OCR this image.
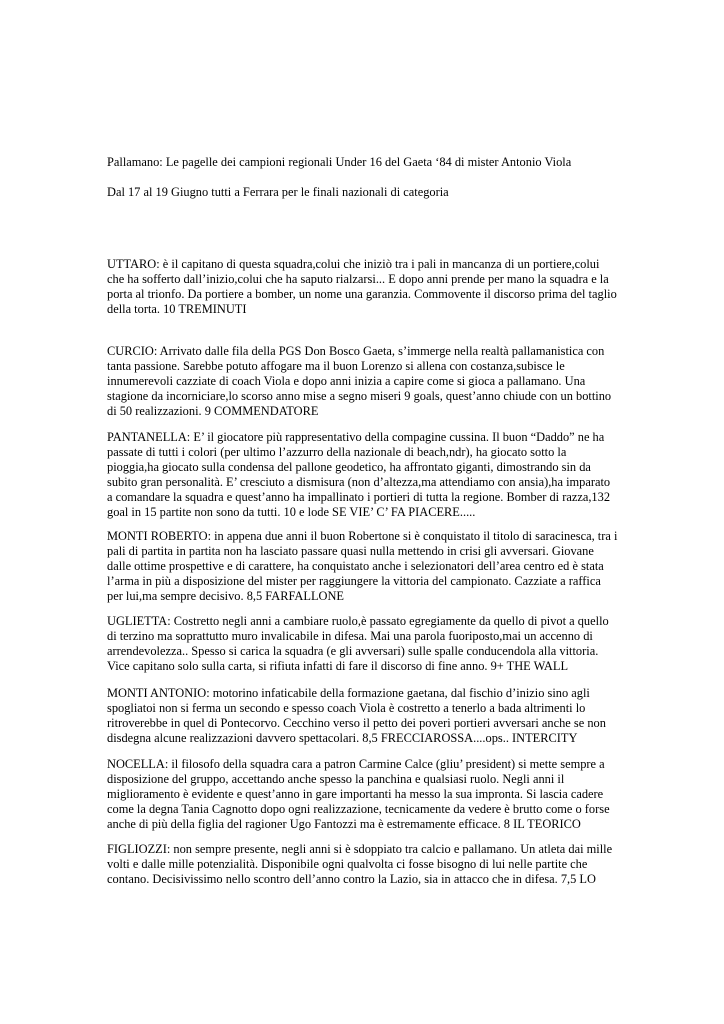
Pallamano: Le pagelle dei campioni regionali Under 16 del Gaeta ‘84 di mister Antonio Viola
Dal 17 al 19 Giugno tutti a Ferrara per le finali nazionali di categoria
UTTARO: è il capitano di questa squadra,colui che iniziò tra i pali in mancanza di un portiere,colui
che ha sofferto dall’inizio,colui che ha saputo rialzarsi... E dopo anni prende per mano la squadra e la
porta al trionfo. Da portiere a bomber, un nome una garanzia. Commovente il discorso prima del taglio
della torta. 10 TREMINUTI
CURCIO: Arrivato dalle fila della PGS Don Bosco Gaeta, s’immerge nella realtà pallamanistica con
tanta passione. Sarebbe potuto affogare ma il buon Lorenzo si allena con costanza,subisce le
innumerevoli cazziate di coach Viola e dopo anni inizia a capire come si gioca a pallamano. Una
stagione da incorniciare,lo scorso anno mise a segno miseri 9 goals, quest’anno chiude con un bottino
di 50 realizzazioni. 9 COMMENDATORE
PANTANELLA: E’ il giocatore più rappresentativo della compagine cussina. Il buon “Daddo” ne ha
passate di tutti i colori (per ultimo l’azzurro della nazionale di beach,ndr), ha giocato sotto la
pioggia,ha giocato sulla condensa del pallone geodetico, ha affrontato giganti, dimostrando sin da
subito gran personalità. E’ cresciuto a dismisura (non d’altezza,ma attendiamo con ansia),ha imparato
a comandare la squadra e quest’anno ha impallinato i portieri di tutta la regione. Bomber di razza,132
goal in 15 partite non sono da tutti. 10 e lode SE VIE’ C’ FA PIACERE.....
MONTI ROBERTO: in appena due anni il buon Robertone si è conquistato il titolo di saracinesca, tra i
pali di partita in partita non ha lasciato passare quasi nulla mettendo in crisi gli avversari. Giovane
dalle ottime prospettive e di carattere, ha conquistato anche i selezionatori dell’area centro ed è stata
l’arma in più a disposizione del mister per raggiungere la vittoria del campionato. Cazziate a raffica
per lui,ma sempre decisivo. 8,5 FARFALLONE
UGLIETTA: Costretto negli anni a cambiare ruolo,è passato egregiamente da quello di pivot a quello
di terzino ma soprattutto muro invalicabile in difesa. Mai una parola fuoriposto,mai un accenno di
arrendevolezza.. Spesso si carica la squadra (e gli avversari) sulle spalle conducendola alla vittoria.
Vice capitano solo sulla carta, si rifiuta infatti di fare il discorso di fine anno. 9+ THE WALL
MONTI ANTONIO: motorino infaticabile della formazione gaetana, dal fischio d’inizio sino agli
spogliatoi non si ferma un secondo e spesso coach Viola è costretto a tenerlo a bada altrimenti lo
ritroverebbe in quel di Pontecorvo. Cecchino verso il petto dei poveri portieri avversari anche se non
disdegna alcune realizzazioni davvero spettacolari. 8,5 FRECCIAROSSA....ops.. INTERCITY
NOCELLA: il filosofo della squadra cara a patron Carmine Calce (gliu’ president) si mette sempre a
disposizione del gruppo, accettando anche spesso la panchina e qualsiasi ruolo. Negli anni il
miglioramento è evidente e quest’anno in gare importanti ha messo la sua impronta. Si lascia cadere
come la degna Tania Cagnotto dopo ogni realizzazione, tecnicamente da vedere è brutto come o forse
anche di più della figlia del ragioner Ugo Fantozzi ma è estremamente efficace. 8 IL TEORICO
FIGLIOZZI: non sempre presente, negli anni si è sdoppiato tra calcio e pallamano. Un atleta dai mille
volti e dalle mille potenzialità. Disponibile ogni qualvolta ci fosse bisogno di lui nelle partite che
contano. Decisivissimo nello scontro dell’anno contro la Lazio, sia in attacco che in difesa. 7,5 LO
